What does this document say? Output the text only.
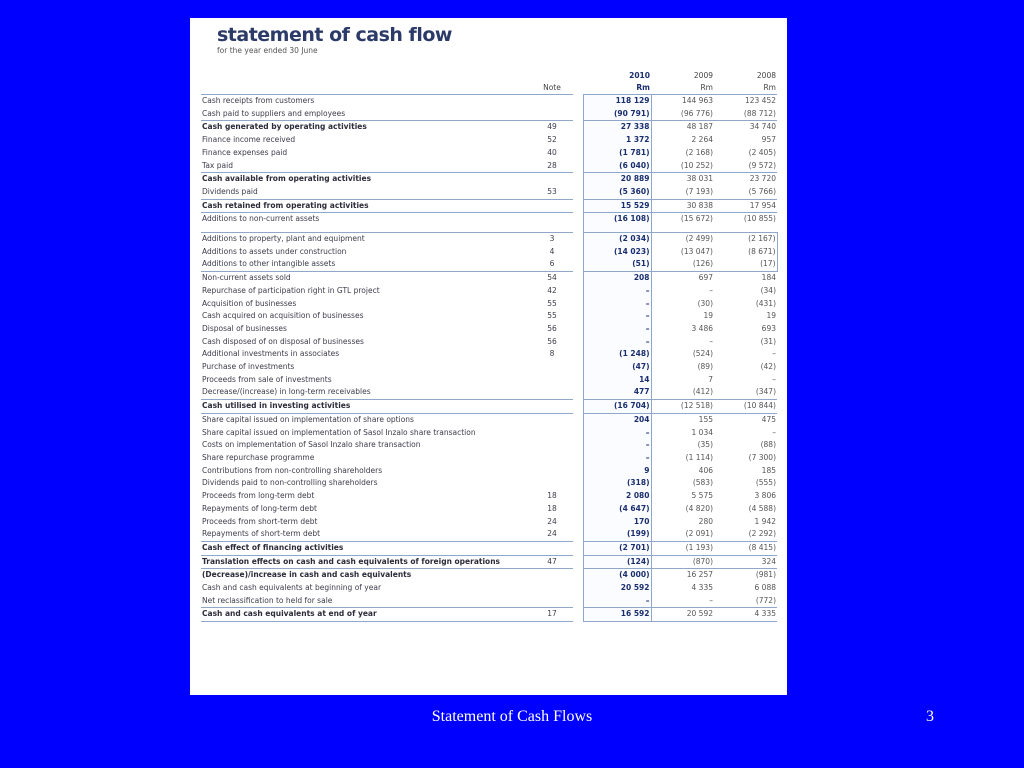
statement of cash flow
for the year ended 30 June
			2010	2009	2008
	Note		Rm	Rm	Rm
Cash receipts from customers			118 129	144 963	123 452
Cash paid to suppliers and employees			(90 791)	(96 776)	(88 712)
Cash generated by operating activities	49		27 338	48 187	34 740
Finance income received	52		1 372	2 264	957
Finance expenses paid	40		(1 781)	(2 168)	(2 405)
Tax paid	28		(6 040)	(10 252)	(9 572)
Cash available from operating activities			20 889	38 031	23 720
Dividends paid	53		(5 360)	(7 193)	(5 766)
Cash retained from operating activities			15 529	30 838	17 954
Additions to non-current assets			(16 108)	(15 672)	(10 855)

Additions to property, plant and equipment	3		(2 034)	(2 499)	(2 167)
Additions to assets under construction	4		(14 023)	(13 047)	(8 671)
Additions to other intangible assets	6		(51)	(126)	(17)
Non-current assets sold	54		208	697	184
Repurchase of participation right in GTL project	42		–	–	(34)
Acquisition of businesses	55		–	(30)	(431)
Cash acquired on acquisition of businesses	55		–	19	19
Disposal of businesses	56		–	3 486	693
Cash disposed of on disposal of businesses	56		–	–	(31)
Additional investments in associates	8		(1 248)	(524)	–
Purchase of investments			(47)	(89)	(42)
Proceeds from sale of investments			14	7	–
Decrease/(increase) in long-term receivables			477	(412)	(347)
Cash utilised in investing activities			(16 704)	(12 518)	(10 844)
Share capital issued on implementation of share options			204	155	475
Share capital issued on implementation of Sasol Inzalo share transaction			–	1 034	–
Costs on implementation of Sasol Inzalo share transaction			–	(35)	(88)
Share repurchase programme			–	(1 114)	(7 300)
Contributions from non-controlling shareholders			9	406	185
Dividends paid to non-controlling shareholders			(318)	(583)	(555)
Proceeds from long-term debt	18		2 080	5 575	3 806
Repayments of long-term debt	18		(4 647)	(4 820)	(4 588)
Proceeds from short-term debt	24		170	280	1 942
Repayments of short-term debt	24		(199)	(2 091)	(2 292)
Cash effect of financing activities			(2 701)	(1 193)	(8 415)
Translation effects on cash and cash equivalents of foreign operations	47		(124)	(870)	324
(Decrease)/increase in cash and cash equivalents			(4 000)	16 257	(981)
Cash and cash equivalents at beginning of year			20 592	4 335	6 088
Net reclassification to held for sale			–	–	(772)
Cash and cash equivalents at end of year	17		16 592	20 592	4 335
Statement of Cash Flows	3
